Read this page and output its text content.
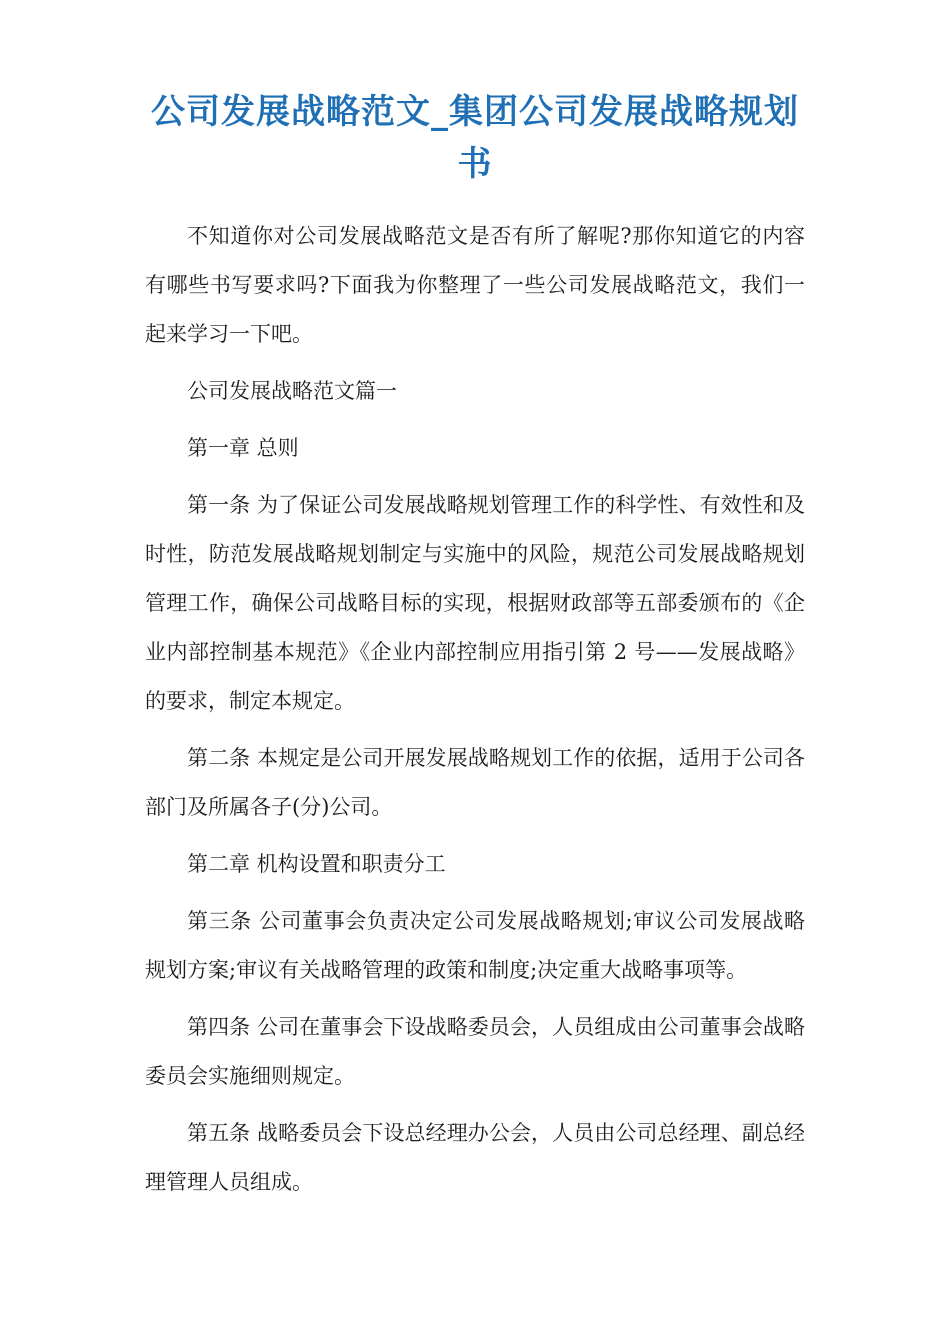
公司发展战略范文_集团公司发展战略规划书

不知道你对公司发展战略范文是否有所了解呢?那你知道它的内容有哪些书写要求吗?下面我为你整理了一些公司发展战略范文，我们一起来学习一下吧。

公司发展战略范文篇一

第一章 总则

第一条 为了保证公司发展战略规划管理工作的科学性、有效性和及时性，防范发展战略规划制定与实施中的风险，规范公司发展战略规划管理工作，确保公司战略目标的实现，根据财政部等五部委颁布的《企业内部控制基本规范》《企业内部控制应用指引第 2 号——发展战略》的要求，制定本规定。

第二条 本规定是公司开展发展战略规划工作的依据，适用于公司各部门及所属各子(分)公司。

第二章 机构设置和职责分工

第三条 公司董事会负责决定公司发展战略规划;审议公司发展战略规划方案;审议有关战略管理的政策和制度;决定重大战略事项等。

第四条 公司在董事会下设战略委员会，人员组成由公司董事会战略委员会实施细则规定。

第五条 战略委员会下设总经理办公会，人员由公司总经理、副总经理管理人员组成。
